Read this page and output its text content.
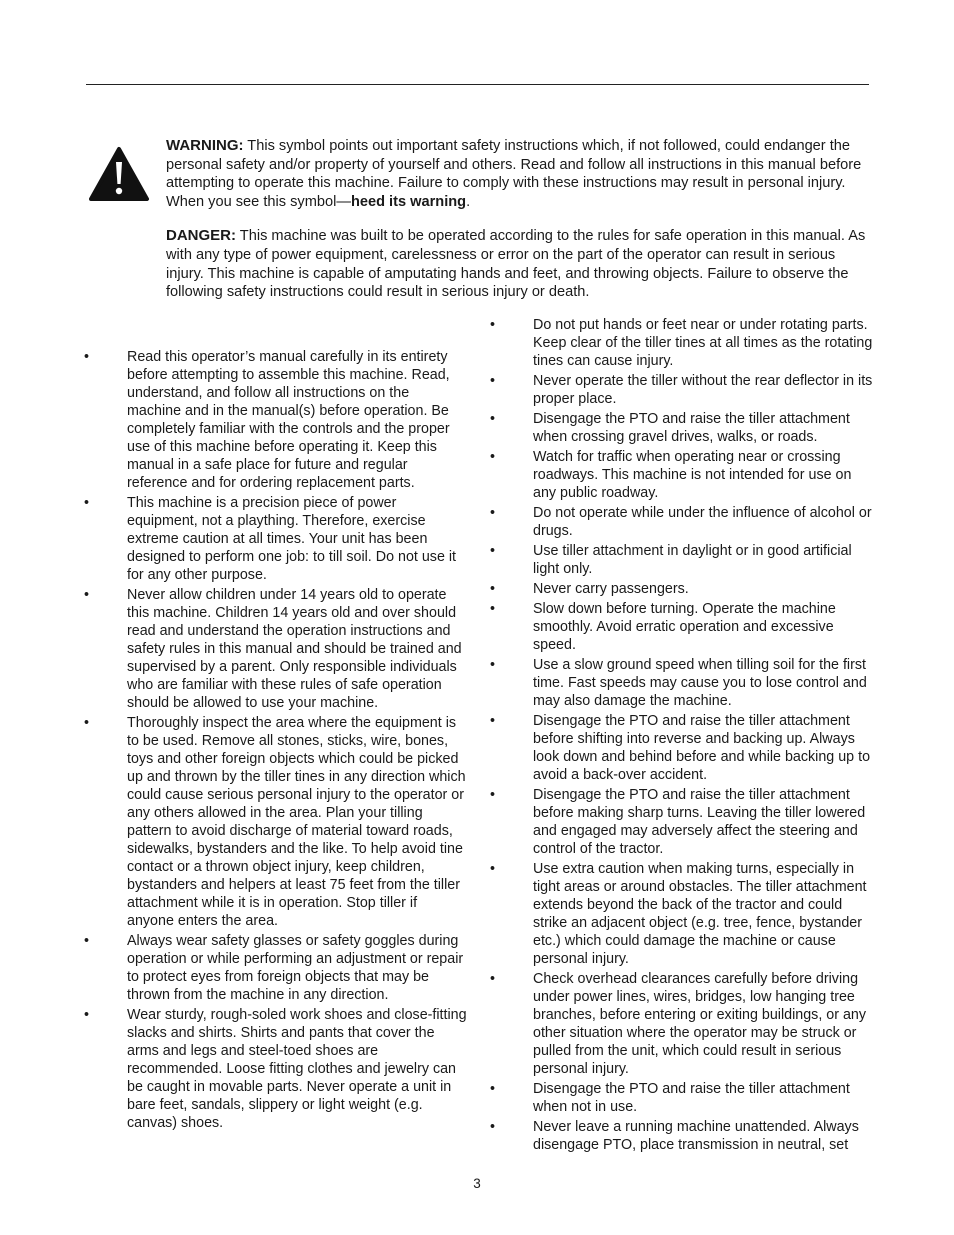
WARNING: This symbol points out important safety instructions which, if not followed, could endanger the personal safety and/or property of yourself and others. Read and follow all instructions in this manual before attempting to operate this machine. Failure to comply with these instructions may result in personal injury. When you see this symbol—heed its warning.

DANGER: This machine was built to be operated according to the rules for safe operation in this manual. As with any type of power equipment, carelessness or error on the part of the operator can result in serious injury. This machine is capable of amputating hands and feet, and throwing objects. Failure to observe the following safety instructions could result in serious injury or death.

•	Read this operator’s manual carefully in its entirety before attempting to assemble this machine. Read, understand, and follow all instructions on the machine and in the manual(s) before operation. Be completely familiar with the controls and the proper use of this machine before operating it. Keep this manual in a safe place for future and regular reference and for ordering replacement parts.
•	This machine is a precision piece of power equipment, not a plaything. Therefore, exercise extreme caution at all times. Your unit has been designed to perform one job: to till soil. Do not use it for any other purpose.
•	Never allow children under 14 years old to operate this machine. Children 14 years old and over should read and understand the operation instructions and safety rules in this manual and should be trained and supervised by a parent. Only responsible individuals who are familiar with these rules of safe operation should be allowed to use your machine.
•	Thoroughly inspect the area where the equipment is to be used. Remove all stones, sticks, wire, bones, toys and other foreign objects which could be picked up and thrown by the tiller tines in any direction which could cause serious personal injury to the operator or any others allowed in the area. Plan your tilling pattern to avoid discharge of material toward roads, sidewalks, bystanders and the like. To help avoid tine contact or a thrown object injury, keep children, bystanders and helpers at least 75 feet from the tiller attachment while it is in operation. Stop tiller if anyone enters the area.
•	Always wear safety glasses or safety goggles during operation or while performing an adjustment or repair to protect eyes from foreign objects that may be thrown from the machine in any direction.
•	Wear sturdy, rough-soled work shoes and close-fitting slacks and shirts. Shirts and pants that cover the arms and legs and steel-toed shoes are recommended. Loose fitting clothes and jewelry can be caught in movable parts. Never operate a unit in bare feet, sandals, slippery or light weight (e.g. canvas) shoes.
•	Do not put hands or feet near or under rotating parts. Keep clear of the tiller tines at all times as the rotating tines can cause injury.
•	Never operate the tiller without the rear deflector in its proper place.
•	Disengage the PTO and raise the tiller attachment when crossing gravel drives, walks, or roads.
•	Watch for traffic when operating near or crossing roadways. This machine is not intended for use on any public roadway.
•	Do not operate while under the influence of alcohol or drugs.
•	Use tiller attachment in daylight or in good artificial light only.
•	Never carry passengers.
•	Slow down before turning. Operate the machine smoothly. Avoid erratic operation and excessive speed.
•	Use a slow ground speed when tilling soil for the first time. Fast speeds may cause you to lose control and may also damage the machine.
•	Disengage the PTO and raise the tiller attachment before shifting into reverse and backing up. Always look down and behind before and while backing up to avoid a back-over accident.
•	Disengage the PTO and raise the tiller attachment before making sharp turns. Leaving the tiller lowered and engaged may adversely affect the steering and control of the tractor.
•	Use extra caution when making turns, especially in tight areas or around obstacles. The tiller attachment extends beyond the back of the tractor and could strike an adjacent object (e.g. tree, fence, bystander etc.) which could damage the machine or cause personal injury.
•	Check overhead clearances carefully before driving under power lines, wires, bridges, low hanging tree branches, before entering or exiting buildings, or any other situation where the operator may be struck or pulled from the unit, which could result in serious personal injury.
•	Disengage the PTO and raise the tiller attachment when not in use.
•	Never leave a running machine unattended. Always disengage PTO, place transmission in neutral, set
3
